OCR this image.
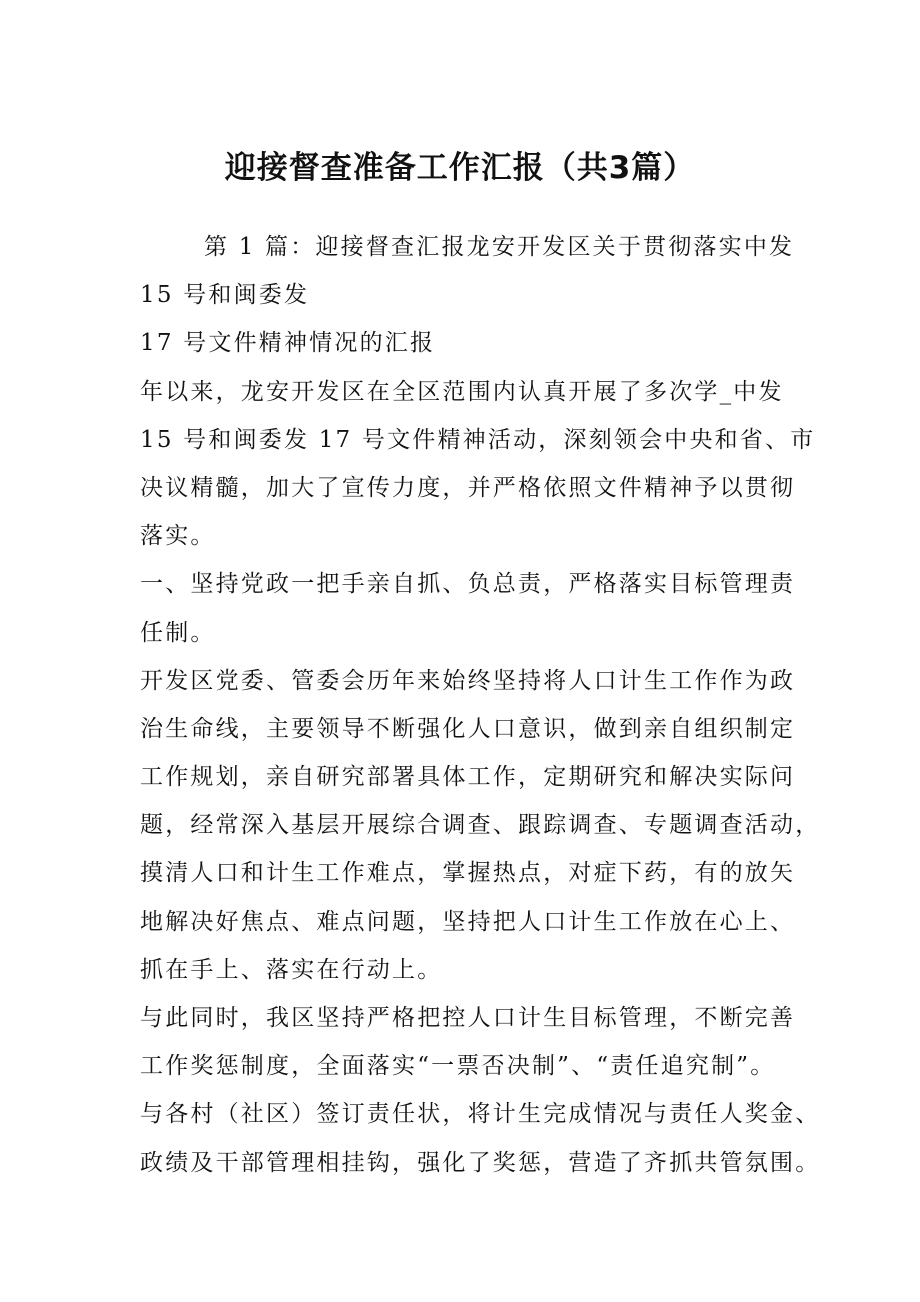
迎接督查准备工作汇报（共3篇）
第 1 篇：迎接督查汇报龙安开发区关于贯彻落实中发
15 号和闽委发
17 号文件精神情况的汇报
年以来，龙安开发区在全区范围内认真开展了多次学_中发
15 号和闽委发 17 号文件精神活动，深刻领会中央和省、市
决议精髓，加大了宣传力度，并严格依照文件精神予以贯彻
落实。
一、坚持党政一把手亲自抓、负总责，严格落实目标管理责
任制。
开发区党委、管委会历年来始终坚持将人口计生工作作为政
治生命线，主要领导不断强化人口意识，做到亲自组织制定
工作规划，亲自研究部署具体工作，定期研究和解决实际问
题，经常深入基层开展综合调查、跟踪调查、专题调查活动，
摸清人口和计生工作难点，掌握热点，对症下药，有的放矢
地解决好焦点、难点问题，坚持把人口计生工作放在心上、
抓在手上、落实在行动上。
与此同时，我区坚持严格把控人口计生目标管理，不断完善
工作奖惩制度，全面落实“一票否决制”、“责任追究制”。
与各村（社区）签订责任状，将计生完成情况与责任人奖金、
政绩及干部管理相挂钩，强化了奖惩，营造了齐抓共管氛围。
